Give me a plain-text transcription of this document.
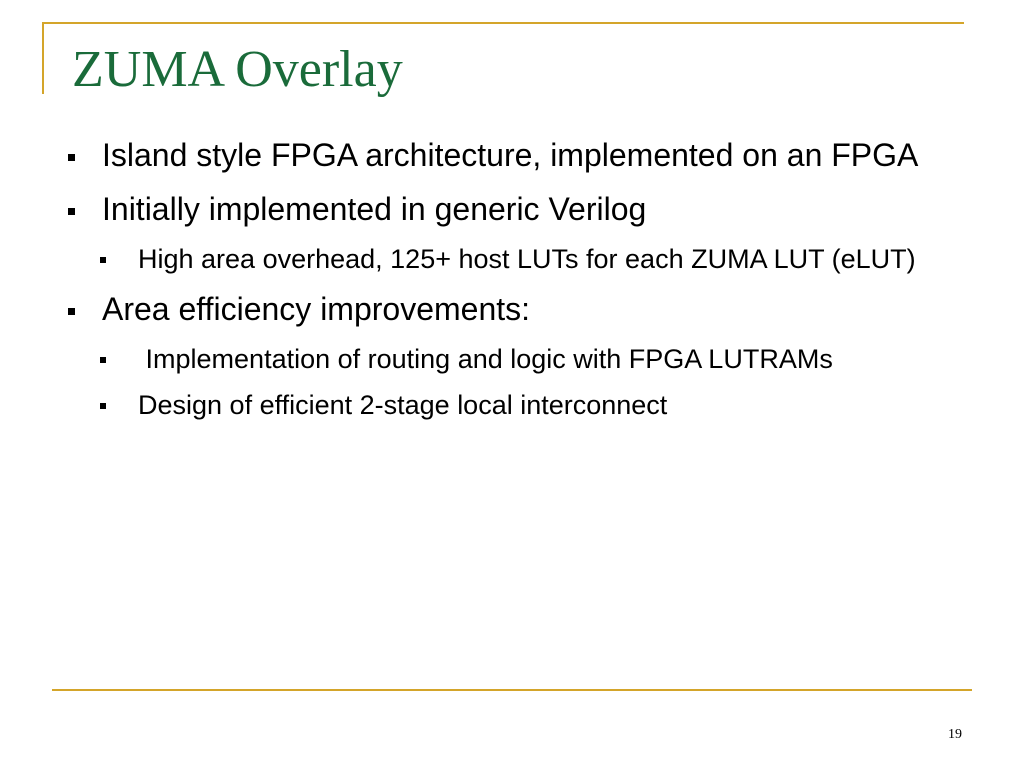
ZUMA Overlay
Island style FPGA architecture, implemented on an FPGA
Initially implemented in generic Verilog
High area overhead, 125+ host LUTs for each ZUMA LUT (eLUT)
Area efficiency improvements:
Implementation of routing and logic with FPGA LUTRAMs
Design of efficient 2-stage local interconnect
19
